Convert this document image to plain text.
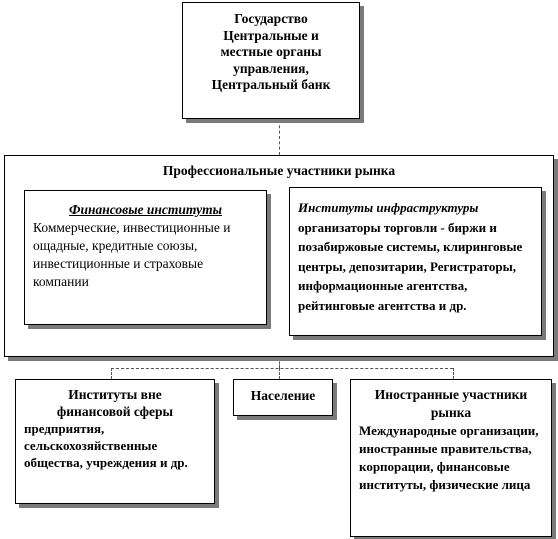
Государство
Центральные и
местные органы
управления,
Центральный банк
Профессиональные участники рынка
Финансовые институты
Коммерческие, инвестиционные и ощадные, кредитные союзы, инвестиционные и страховые компании
Институты инфраструктуры
организаторы торговли - биржи и позабиржовые системы, клиринговые центры, депозитарии, Регистраторы, информационные агентства, рейтинговые агентства и др.
Институты вне
финансовой сферы
предприятия, сельскохозяйственные общества, учреждения и др.
Население	Иностранные участники
рынка
Международные организации, иностранные правительства, корпорации, финансовые институты, физические лица
